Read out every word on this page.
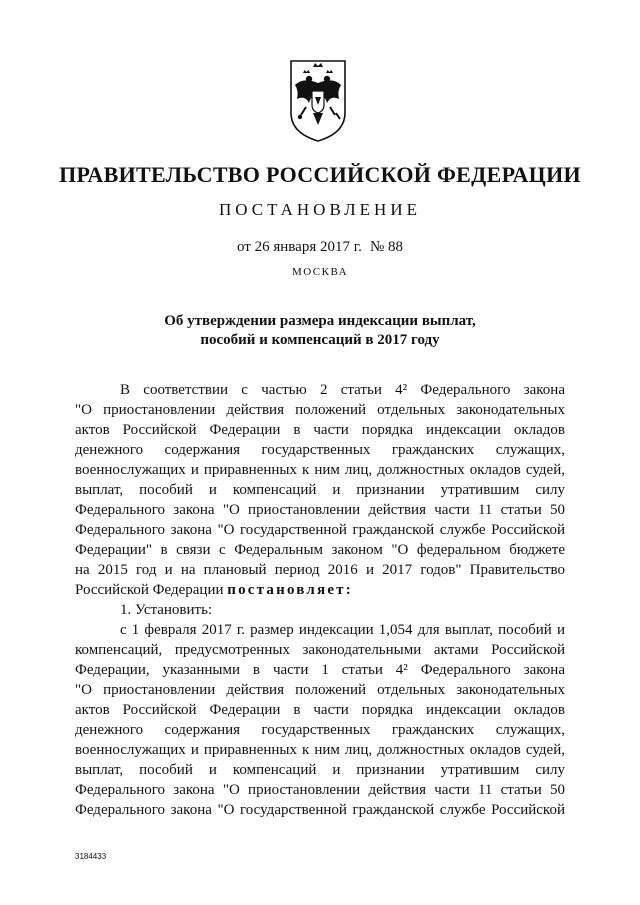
ПРАВИТЕЛЬСТВО РОССИЙСКОЙ ФЕДЕРАЦИИ
ПОСТАНОВЛЕНИЕ
от 26 января 2017 г. № 88
МОСКВА
Об утверждении размера индексации выплат,
пособий и компенсаций в 2017 году
В соответствии с частью 2 статьи 4² Федерального закона
"О приостановлении действия положений отдельных законодательных
актов Российской Федерации в части порядка индексации окладов
денежного содержания государственных гражданских служащих,
военнослужащих и приравненных к ним лиц, должностных окладов судей,
выплат, пособий и компенсаций и признании утратившим силу
Федерального закона "О приостановлении действия части 11 статьи 50
Федерального закона "О государственной гражданской службе Российской
Федерации" в связи с Федеральным законом "О федеральном бюджете
на 2015 год и на плановый период 2016 и 2017 годов" Правительство
Российской Федерации постановляет:
1. Установить:
с 1 февраля 2017 г. размер индексации 1,054 для выплат, пособий и
компенсаций, предусмотренных законодательными актами Российской
Федерации, указанными в части 1 статьи 4² Федерального закона
"О приостановлении действия положений отдельных законодательных
актов Российской Федерации в части порядка индексации окладов
денежного содержания государственных гражданских служащих,
военнослужащих и приравненных к ним лиц, должностных окладов судей,
выплат, пособий и компенсаций и признании утратившим силу
Федерального закона "О приостановлении действия части 11 статьи 50
Федерального закона "О государственной гражданской службе Российской
3184433
